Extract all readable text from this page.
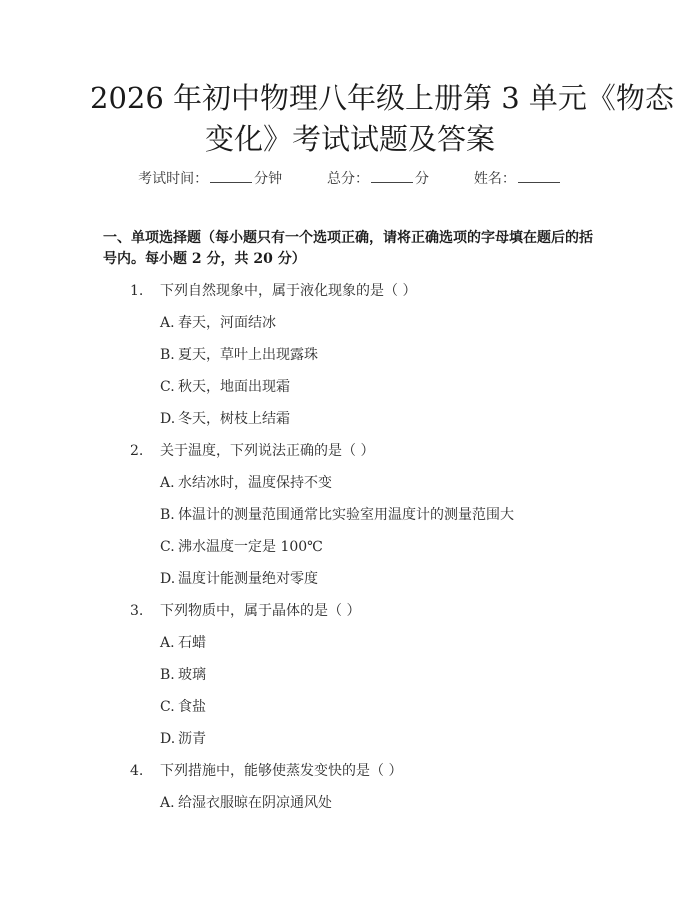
2026 年初中物理八年级上册第 3 单元《物态
变化》考试试题及答案
考试时间：	分钟	总分：	分	姓名：
一、单项选择题（每小题只有一个选项正确，请将正确选项的字母填在题后的括
号内。每小题 2 分，共 20 分）
1. 下列自然现象中，属于液化现象的是（ ）
A. 春天，河面结冰
B. 夏天，草叶上出现露珠
C. 秋天，地面出现霜
D. 冬天，树枝上结霜
2. 关于温度，下列说法正确的是（ ）
A. 水结冰时，温度保持不变
B. 体温计的测量范围通常比实验室用温度计的测量范围大
C. 沸水温度一定是 100℃
D. 温度计能测量绝对零度
3. 下列物质中，属于晶体的是（ ）
A. 石蜡
B. 玻璃
C. 食盐
D. 沥青
4. 下列措施中，能够使蒸发变快的是（ ）
A. 给湿衣服晾在阴凉通风处
